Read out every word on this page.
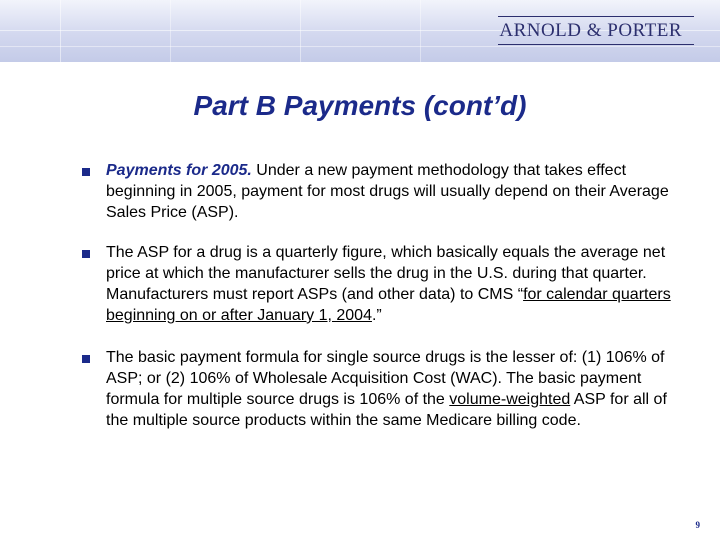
ARNOLD & PORTER
Part B Payments (cont’d)
Payments for 2005. Under a new payment methodology that takes effect beginning in 2005, payment for most drugs will usually depend on their Average Sales Price (ASP).
The ASP for a drug is a quarterly figure, which basically equals the average net price at which the manufacturer sells the drug in the U.S. during that quarter. Manufacturers must report ASPs (and other data) to CMS “for calendar quarters beginning on or after January 1, 2004.”
The basic payment formula for single source drugs is the lesser of: (1) 106% of ASP; or (2) 106% of Wholesale Acquisition Cost (WAC). The basic payment formula for multiple source drugs is 106% of the volume-weighted ASP for all of the multiple source products within the same Medicare billing code.
9
